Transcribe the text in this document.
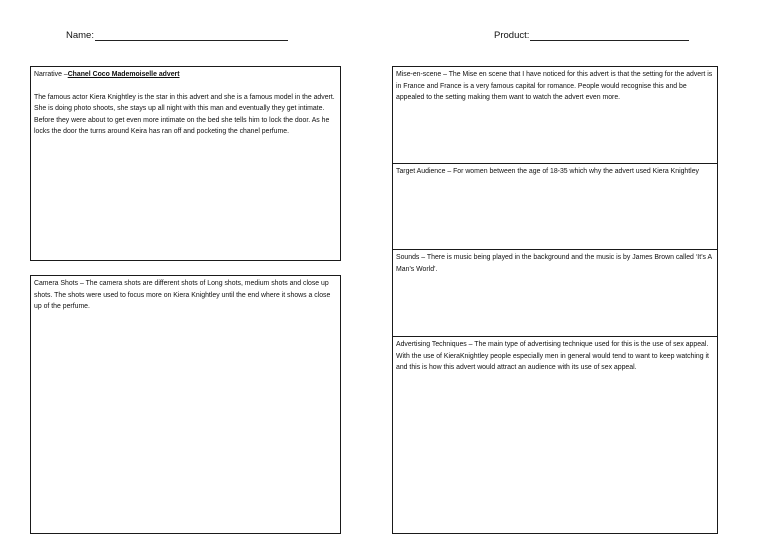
Name:	Product:

Narrative –Chanel Coco Mademoiselle advert

The famous actor Kiera Knightley is the star in this advert and she is a famous model in the advert. She is doing photo shoots, she stays up all night with this man and eventually they get intimate. Before they were about to get even more intimate on the bed she tells him to lock the door. As he locks the door the turns around Keira has ran off and pocketing the chanel perfume.

Camera Shots – The camera shots are different shots of Long shots, medium shots and close up shots. The shots were used to focus more on Kiera Knightley until the end where it shows a close up of the perfume.

Mise-en-scene – The Mise en scene that I have noticed for this advert is that the setting for the advert is in France and France is a very famous capital for romance. People would recognise this and be appealed to the setting making them want to watch the advert even more.

Target Audience – For women between the age of 18-35 which why the advert used Kiera Knightley

Sounds – There is music being played in the background and the music is by James Brown called ‘It’s A Man’s World’.

Advertising Techniques – The main type of advertising technique used for this is the use of sex appeal. With the use of KieraKnightley people especially men in general would tend to want to keep watching it and this is how this advert would attract an audience with its use of sex appeal.
